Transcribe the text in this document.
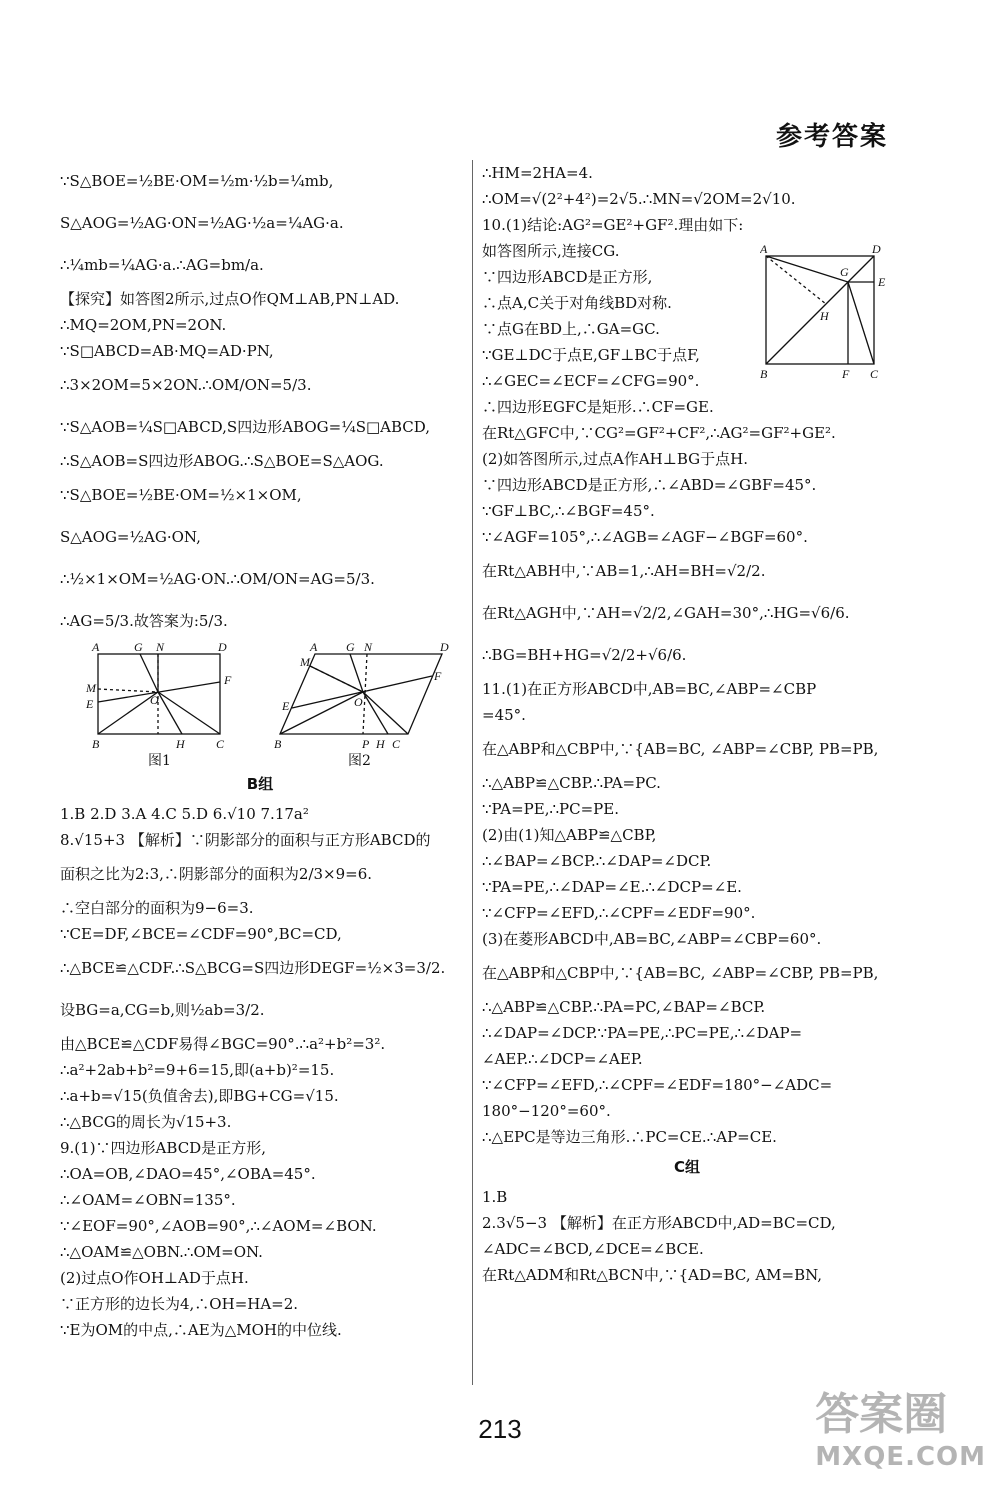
参考答案
∵S△BOE=½BE·OM=½m·½b=¼mb,
S△AOG=½AG·ON=½AG·½a=¼AG·a.
∴¼mb=¼AG·a.∴AG=bm/a.
【探究】如答图2所示,过点O作QM⊥AB,PN⊥AD.
∴MQ=2OM,PN=2ON.
∵S□ABCD=AB·MQ=AD·PN,
∴3×2OM=5×2ON.∴OM/ON=5/3.
∵S△AOB=¼S□ABCD,S四边形ABOG=¼S□ABCD,
∴S△AOB=S四边形ABOG.∴S△BOE=S△AOG.
∵S△BOE=½BE·OM=½×1×OM,
S△AOG=½AG·ON,
∴½×1×OM=½AG·ON.∴OM/ON=AG=5/3.
∴AG=5/3.故答案为:5/3.
A	G N	D
M
E	O
F
B	H	C
A G N	D
M
E	O
F
B	P H C
图1	图2
B组
1.B 2.D 3.A 4.C 5.D 6.√10 7.17a²
8.√15+3 【解析】∵阴影部分的面积与正方形ABCD的
面积之比为2:3,∴阴影部分的面积为2/3×9=6.
∴空白部分的面积为9−6=3.
∵CE=DF,∠BCE=∠CDF=90°,BC=CD,
∴△BCE≌△CDF.∴S△BCG=S四边形DEGF=½×3=3/2.
设BG=a,CG=b,则½ab=3/2.
由△BCE≌△CDF易得∠BGC=90°.∴a²+b²=3².
∴a²+2ab+b²=9+6=15,即(a+b)²=15.
∴a+b=√15(负值舍去),即BG+CG=√15.
∴△BCG的周长为√15+3.
9.(1)∵四边形ABCD是正方形,
∴OA=OB,∠DAO=45°,∠OBA=45°.
∴∠OAM=∠OBN=135°.
∵∠EOF=90°,∠AOB=90°,∴∠AOM=∠BON.
∴△OAM≌△OBN.∴OM=ON.
(2)过点O作OH⊥AD于点H.
∵正方形的边长为4,∴OH=HA=2.
∵E为OM的中点,∴AE为△MOH的中位线.
A	D
G
E
H
B	F C
∴HM=2HA=4.
∴OM=√(2²+4²)=2√5.∴MN=√2OM=2√10.
10.(1)结论:AG²=GE²+GF².理由如下:
如答图所示,连接CG.
∵四边形ABCD是正方形,
∴点A,C关于对角线BD对称.
∵点G在BD上,∴GA=GC.
∵GE⊥DC于点E,GF⊥BC于点F,
∴∠GEC=∠ECF=∠CFG=90°.
∴四边形EGFC是矩形.∴CF=GE.
在Rt△GFC中,∵CG²=GF²+CF²,∴AG²=GF²+GE².
(2)如答图所示,过点A作AH⊥BG于点H.
∵四边形ABCD是正方形,∴∠ABD=∠GBF=45°.
∵GF⊥BC,∴∠BGF=45°.
∵∠AGF=105°,∴∠AGB=∠AGF−∠BGF=60°.
在Rt△ABH中,∵AB=1,∴AH=BH=√2/2.
在Rt△AGH中,∵AH=√2/2,∠GAH=30°,∴HG=√6/6.
∴BG=BH+HG=√2/2+√6/6.
11.(1)在正方形ABCD中,AB=BC,∠ABP=∠CBP
=45°.
在△ABP和△CBP中,∵{AB=BC, ∠ABP=∠CBP, PB=PB,
∴△ABP≌△CBP.∴PA=PC.
∵PA=PE,∴PC=PE.
(2)由(1)知△ABP≌△CBP,
∴∠BAP=∠BCP.∴∠DAP=∠DCP.
∵PA=PE,∴∠DAP=∠E.∴∠DCP=∠E.
∵∠CFP=∠EFD,∴∠CPF=∠EDF=90°.
(3)在菱形ABCD中,AB=BC,∠ABP=∠CBP=60°.
在△ABP和△CBP中,∵{AB=BC, ∠ABP=∠CBP, PB=PB,
∴△ABP≌△CBP.∴PA=PC,∠BAP=∠BCP.
∴∠DAP=∠DCP.∵PA=PE,∴PC=PE,∴∠DAP=
∠AEP.∴∠DCP=∠AEP.
∵∠CFP=∠EFD,∴∠CPF=∠EDF=180°−∠ADC=
180°−120°=60°.
∴△EPC是等边三角形.∴PC=CE.∴AP=CE.
C组
1.B
2.3√5−3 【解析】在正方形ABCD中,AD=BC=CD,
∠ADC=∠BCD,∠DCE=∠BCE.
在Rt△ADM和Rt△BCN中,∵{AD=BC, AM=BN,
213	答案圈
MXQE.COM
